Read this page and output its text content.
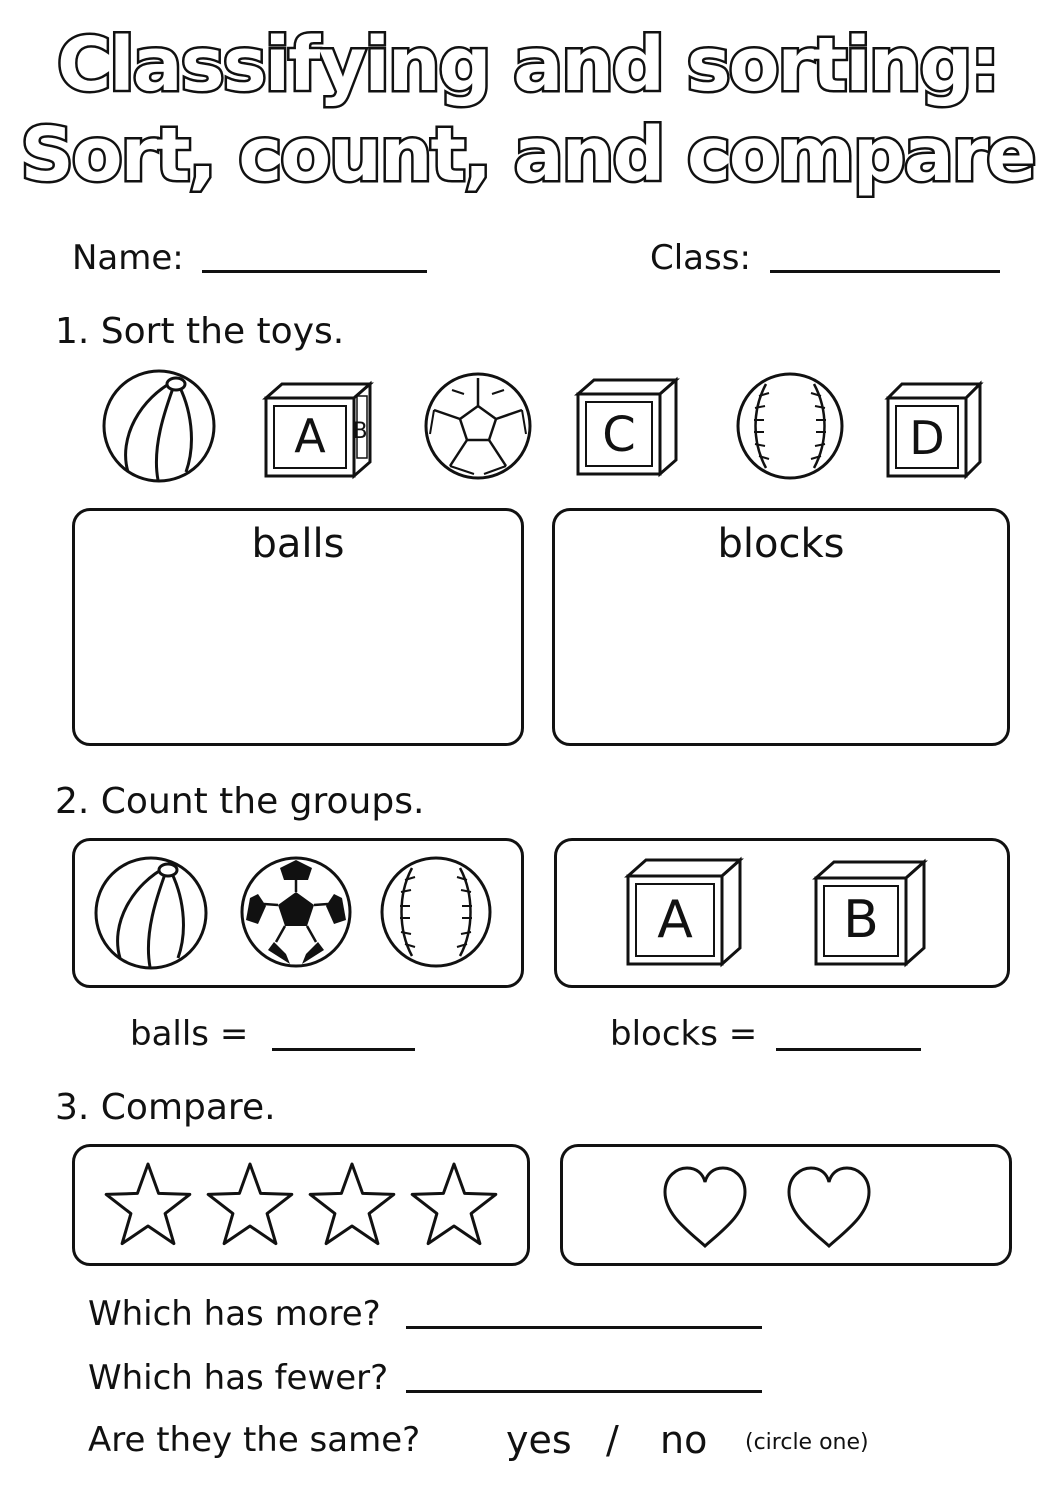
Classifying and sorting:
Sort, count, and compare
Name:	Class:
1. Sort the toys.
A	B	C	D
balls	blocks
2. Count the groups.
A	B
balls =	blocks =
3. Compare.
Which has more?
Which has fewer?
Are they the same? yes / no (circle one)
